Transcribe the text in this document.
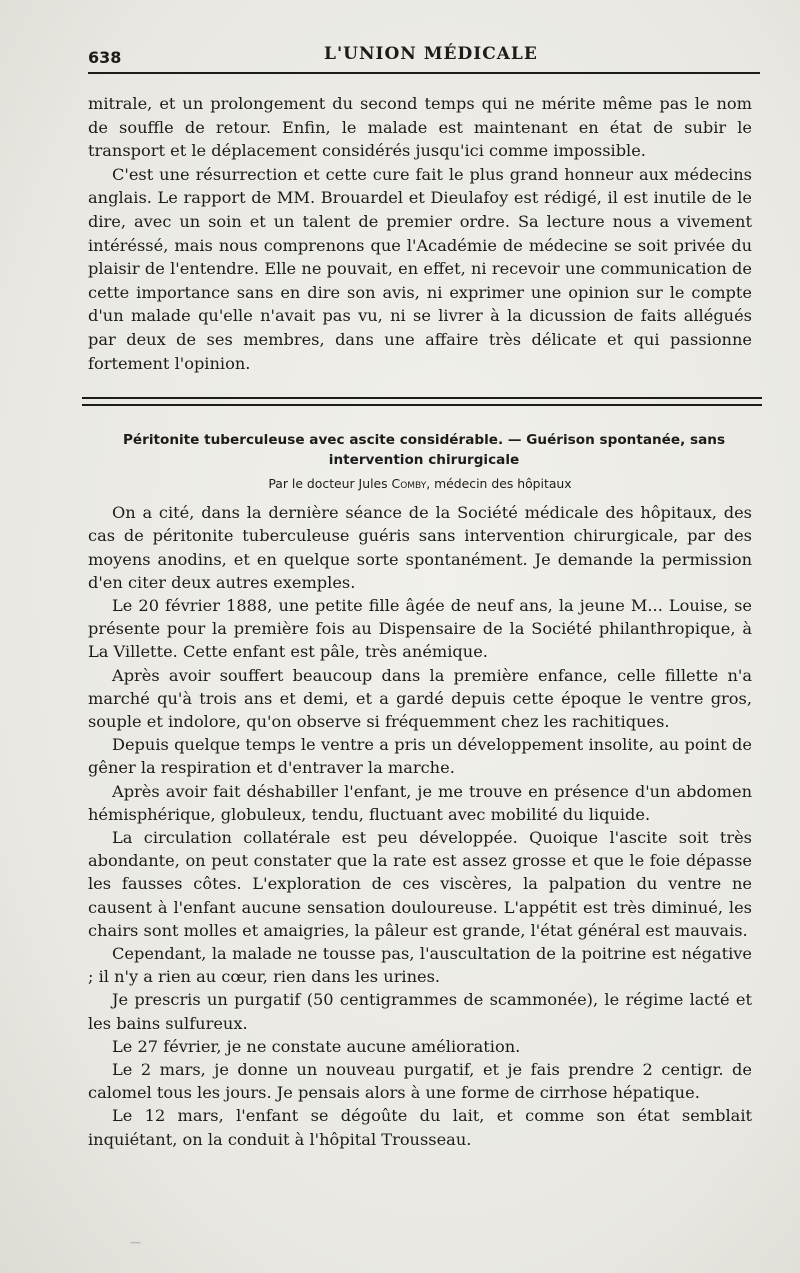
638	L'UNION MÉDICALE

mitrale, et un prolongement du second temps qui ne mérite même pas le nom de souffle de retour. Enfin, le malade est maintenant en état de subir le transport et le déplacement considérés jusqu'ici comme impossible.

C'est une résurrection et cette cure fait le plus grand honneur aux médecins anglais. Le rapport de MM. Brouardel et Dieulafoy est rédigé, il est inutile de le dire, avec un soin et un talent de premier ordre. Sa lecture nous a vivement intéréssé, mais nous comprenons que l'Académie de médecine se soit privée du plaisir de l'entendre. Elle ne pouvait, en effet, ni recevoir une communication de cette importance sans en dire son avis, ni exprimer une opinion sur le compte d'un malade qu'elle n'avait pas vu, ni se livrer à la dicussion de faits allégués par deux de ses membres, dans une affaire très délicate et qui passionne fortement l'opinion.

Péritonite tuberculeuse avec ascite considérable. — Guérison spontanée, sans
intervention chirurgicale
Par le docteur Jules Comby, médecin des hôpitaux

On a cité, dans la dernière séance de la Société médicale des hôpitaux, des cas de péritonite tuberculeuse guéris sans intervention chirurgicale, par des moyens anodins, et en quelque sorte spontanément. Je demande la permission d'en citer deux autres exemples.

Le 20 février 1888, une petite fille âgée de neuf ans, la jeune M... Louise, se présente pour la première fois au Dispensaire de la Société philanthropique, à La Villette. Cette enfant est pâle, très anémique.

Après avoir souffert beaucoup dans la première enfance, celle fillette n'a marché qu'à trois ans et demi, et a gardé depuis cette époque le ventre gros, souple et indolore, qu'on observe si fréquemment chez les rachitiques.

Depuis quelque temps le ventre a pris un développement insolite, au point de gêner la respiration et d'entraver la marche.

Après avoir fait déshabiller l'enfant, je me trouve en présence d'un abdomen hémisphérique, globuleux, tendu, fluctuant avec mobilité du liquide.

La circulation collatérale est peu développée. Quoique l'ascite soit très abondante, on peut constater que la rate est assez grosse et que le foie dépasse les fausses côtes. L'exploration de ces viscères, la palpation du ventre ne causent à l'enfant aucune sensation douloureuse. L'appétit est très diminué, les chairs sont molles et amaigries, la pâleur est grande, l'état général est mauvais.

Cependant, la malade ne tousse pas, l'auscultation de la poitrine est négative ; il n'y a rien au cœur, rien dans les urines.

Je prescris un purgatif (50 centigrammes de scammonée), le régime lacté et les bains sulfureux.

Le 27 février, je ne constate aucune amélioration.

Le 2 mars, je donne un nouveau purgatif, et je fais prendre 2 centigr. de calomel tous les jours. Je pensais alors à une forme de cirrhose hépatique.

Le 12 mars, l'enfant se dégoûte du lait, et comme son état semblait inquiétant, on la conduit à l'hôpital Trousseau.

—
